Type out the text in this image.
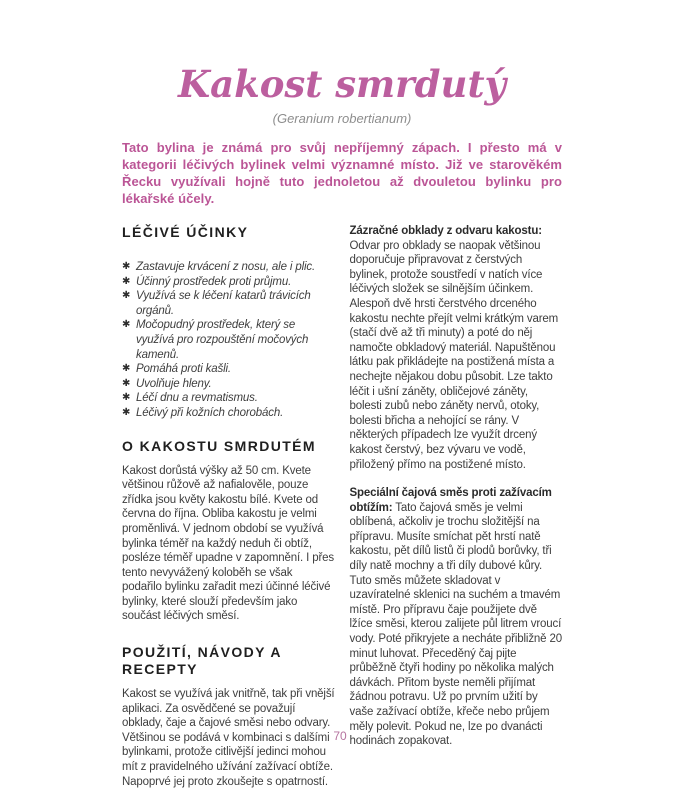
Kakost smrdutý
(Geranium robertianum)

Tato bylina je známá pro svůj nepříjemný zápach. I přesto má v kategorii léčivých bylinek velmi významné místo. Již ve starověkém Řecku využívali hojně tuto jednoletou až dvouletou bylinku pro lékařské účely.

LÉČIVÉ ÚČINKY
✱ Zastavuje krvácení z nosu, ale i plic.
✱ Účinný prostředek proti průjmu.
✱ Využívá se k léčení katarů trávicích orgánů.
✱ Močopudný prostředek, který se využívá pro rozpouštění močových kamenů.
✱ Pomáhá proti kašli.
✱ Uvolňuje hleny.
✱ Léčí dnu a revmatismus.
✱ Léčivý při kožních chorobách.
O KAKOSTU SMRDUTÉM

Kakost dorůstá výšky až 50 cm. Kvete většinou růžově až nafialověle, pouze zřídka jsou květy kakostu bílé. Kvete od června do října. Obliba kakostu je velmi proměnlivá. V jednom období se využívá bylinka téměř na každý neduh či obtíž, posléze téměř upadne v zapomnění. I přes tento nevyvážený koloběh se však podařilo bylinku zařadit mezi účinné léčivé bylinky, které slouží především jako součást léčivých směsí.

POUŽITÍ, NÁVODY A RECEPTY

Kakost se využívá jak vnitřně, tak při vnější aplikaci. Za osvědčené se považují obklady, čaje a čajové směsi nebo odvary. Většinou se podává v kombinaci s dalšími bylinkami, protože citlivější jedinci mohou mít z pravidelného užívání zažívací obtíže. Napoprvé jej proto zkoušejte s opatrností.

Zázračné obklady z odvaru kakostu: Odvar pro obklady se naopak většinou doporučuje připravovat z čerstvých bylinek, protože soustředí v natích více léčivých složek se silnějším účinkem. Alespoň dvě hrsti čerstvého drceného kakostu nechte přejít velmi krátkým varem (stačí dvě až tři minuty) a poté do něj namočte obkladový materiál. Napuštěnou látku pak přikládejte na postižená místa a nechejte nějakou dobu působit. Lze takto léčit i ušní záněty, obličejové záněty, bolesti zubů nebo záněty nervů, otoky, bolesti břicha a nehojící se rány. V některých případech lze využít drcený kakost čerstvý, bez vývaru ve vodě, přiložený přímo na postižené místo.

Speciální čajová směs proti zažívacím obtížím: Tato čajová směs je velmi oblíbená, ačkoliv je trochu složitější na přípravu. Musíte smíchat pět hrstí natě kakostu, pět dílů listů či plodů borůvky, tři díly natě mochny a tři díly dubové kůry. Tuto směs můžete skladovat v uzavíratelné sklenici na suchém a tmavém místě. Pro přípravu čaje použijete dvě lžíce směsi, kterou zalijete půl litrem vroucí vody. Poté přikryjete a necháte přibližně 20 minut luhovat. Přeceděný čaj pijte průběžně čtyři hodiny po několika malých dávkách. Přitom byste neměli přijímat žádnou potravu. Už po prvním užití by vaše zažívací obtíže, křeče nebo průjem měly polevit. Pokud ne, lze po dvanácti hodinách zopakovat.

70
